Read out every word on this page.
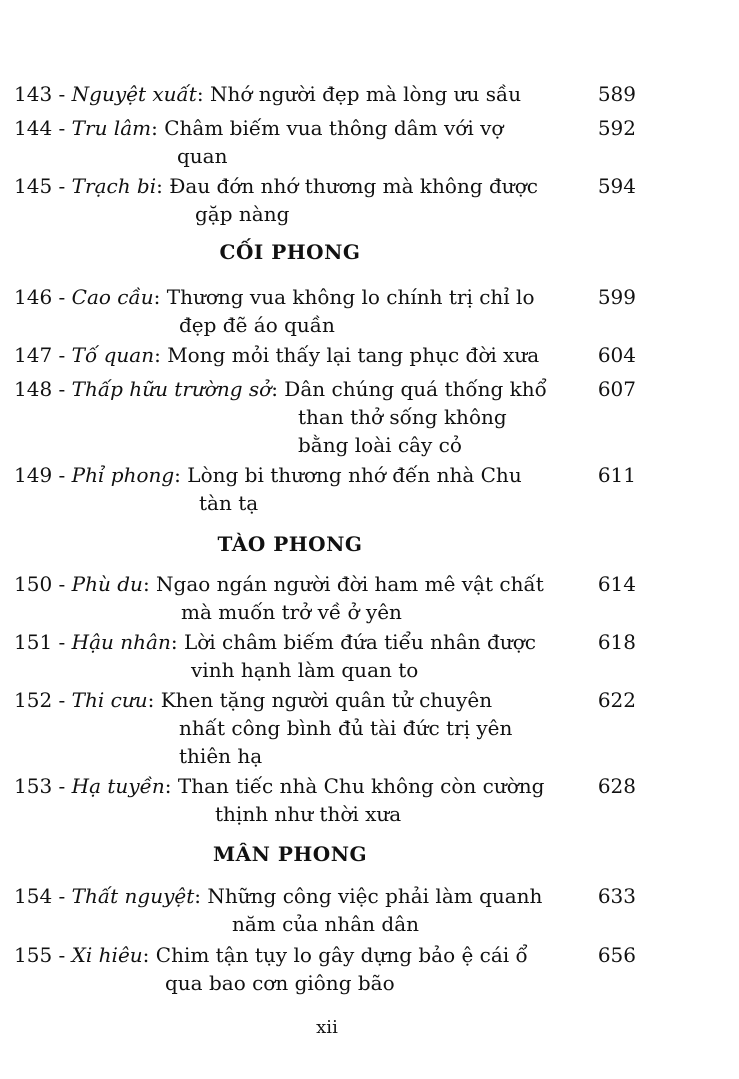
143 - Nguyệt xuất: Nhớ người đẹp mà lòng ưu sầu	589
144 - Tru lâm: Châm biếm vua thông dâm với vợ
quan
592
145 - Trạch bi: Đau đớn nhớ thương mà không được
gặp nàng
594
CỐI PHONG
146 - Cao cầu: Thương vua không lo chính trị chỉ lo
đẹp đẽ áo quần
599
147 - Tố quan: Mong mỏi thấy lại tang phục đời xưa	604
148 - Thấp hữu trường sở: Dân chúng quá thống khổ
than thở sống không
bằng loài cây cỏ
607
149 - Phỉ phong: Lòng bi thương nhớ đến nhà Chu
tàn tạ
611
TÀO PHONG
150 - Phù du: Ngao ngán người đời ham mê vật chất
mà muốn trở về ở yên
614
151 - Hậu nhân: Lời châm biếm đứa tiểu nhân được
vinh hạnh làm quan to
618
152 - Thi cưu: Khen tặng người quân tử chuyên
nhất công bình đủ tài đức trị yên
thiên hạ
622
153 - Hạ tuyền: Than tiếc nhà Chu không còn cường
thịnh như thời xưa
628
MÂN PHONG
154 - Thất nguyệt: Những công việc phải làm quanh
năm của nhân dân
633
155 - Xi hiêu: Chim tận tụy lo gây dựng bảo ệ cái ổ
qua bao cơn giông bão
656
xii
